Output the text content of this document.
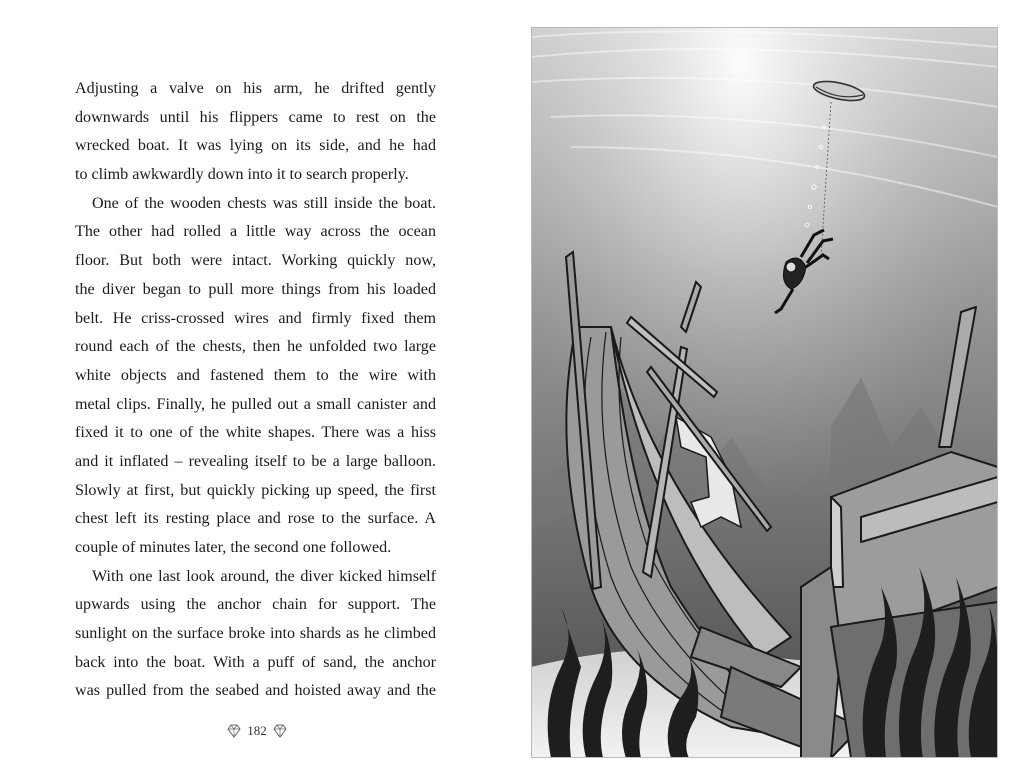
Adjusting a valve on his arm, he drifted gently
downwards until his flippers came to rest on the
wrecked boat. It was lying on its side, and he had
to climb awkwardly down into it to search properly.

One of the wooden chests was still inside the boat.
The other had rolled a little way across the ocean
floor. But both were intact. Working quickly now,
the diver began to pull more things from his loaded
belt. He criss-crossed wires and firmly fixed them
round each of the chests, then he unfolded two large
white objects and fastened them to the wire with
metal clips. Finally, he pulled out a small canister and
fixed it to one of the white shapes. There was a hiss
and it inflated – revealing itself to be a large balloon.
Slowly at first, but quickly picking up speed, the first
chest left its resting place and rose to the surface. A
couple of minutes later, the second one followed.

With one last look around, the diver kicked himself
upwards using the anchor chain for support. The
sunlight on the surface broke into shards as he climbed
back into the boat. With a puff of sand, the anchor
was pulled from the seabed and hoisted away and the

182
